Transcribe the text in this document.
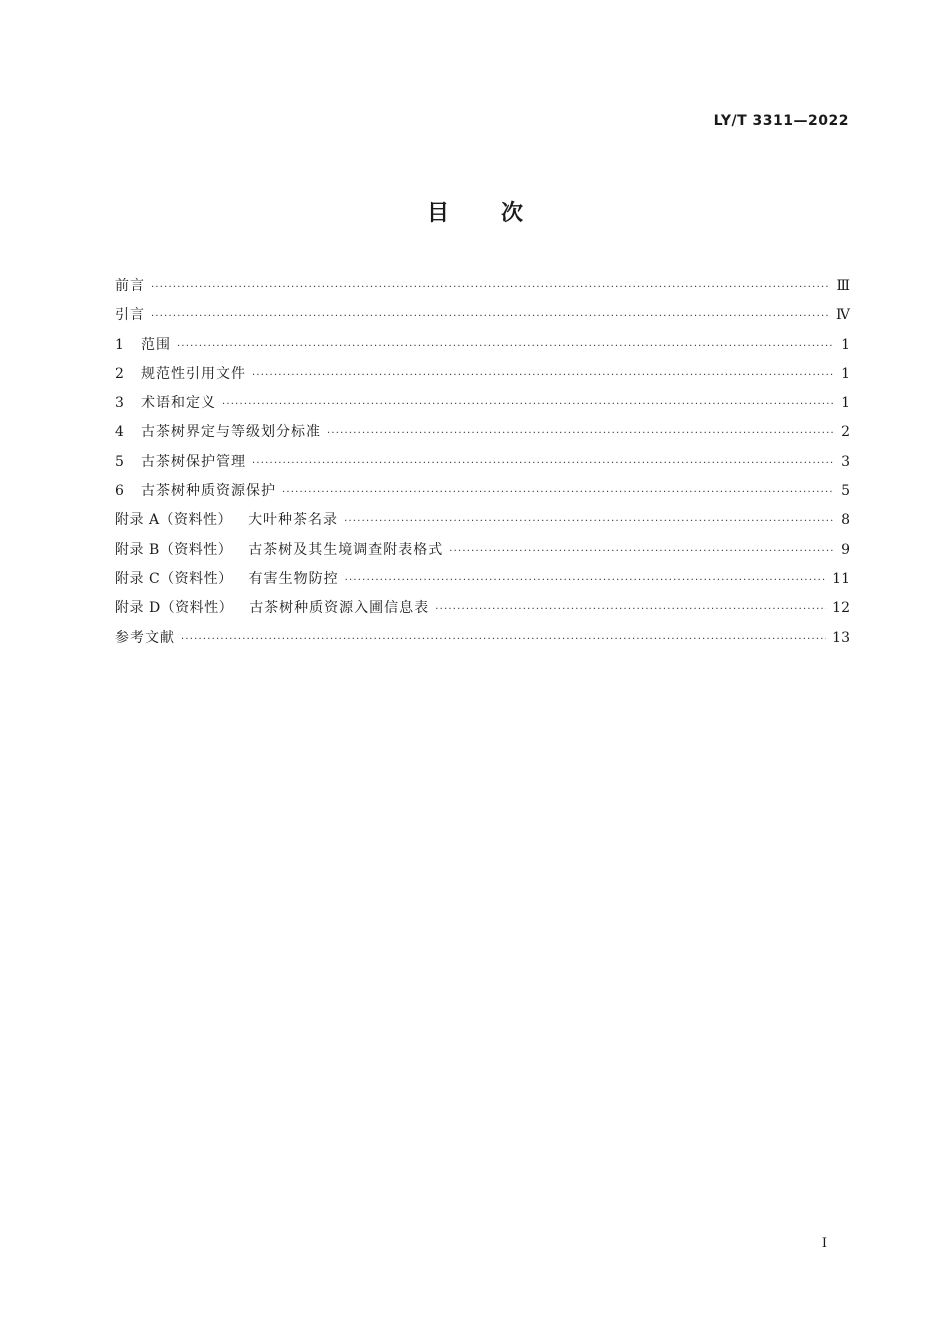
LY/T 3311—2022
目 次
前言 ·····	Ⅲ
引言 ·····	Ⅳ
1	范围 ·····	1
2	规范性引用文件 ·····	1
3	术语和定义 ·····	1
4	古茶树界定与等级划分标准 ·····	2
5	古茶树保护管理 ·····	3
6	古茶树种质资源保护 ·····	5
附录 A（资料性） 大叶种茶名录 ·····	8
附录 B（资料性） 古茶树及其生境调查附表格式 ·····	9
附录 C（资料性） 有害生物防控 ·····	11
附录 D（资料性） 古茶树种质资源入圃信息表 ·····	12
参考文献 ·····	13
Ⅰ
